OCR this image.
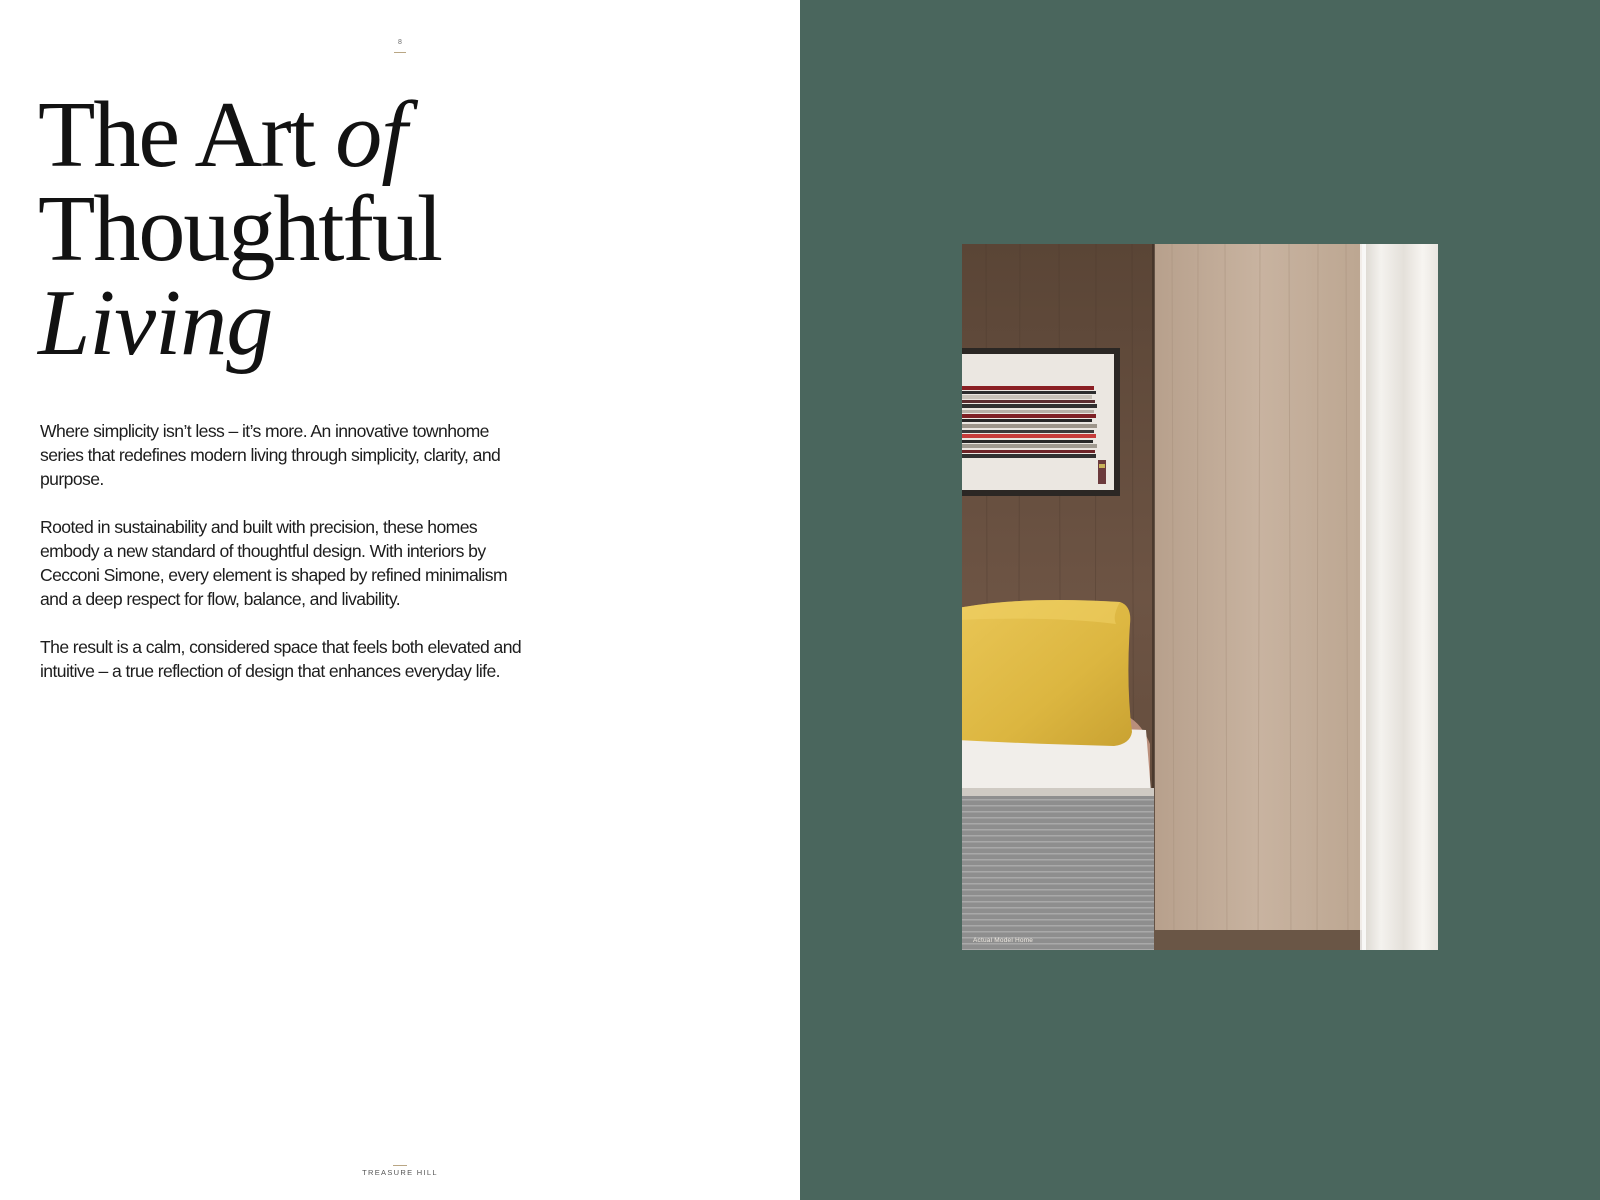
8
The Art of
Thoughtful
Living

Where simplicity isn’t less – it’s more. An innovative townhome series that redefines modern living through simplicity, clarity, and purpose.

Rooted in sustainability and built with precision, these homes embody a new standard of thoughtful design. With interiors by Cecconi Simone, every element is shaped by refined minimalism and a deep respect for flow, balance, and livability.

The result is a calm, considered space that feels both elevated and intuitive – a true reflection of design that enhances everyday life.

TREASURE HILL
Actual Model Home
